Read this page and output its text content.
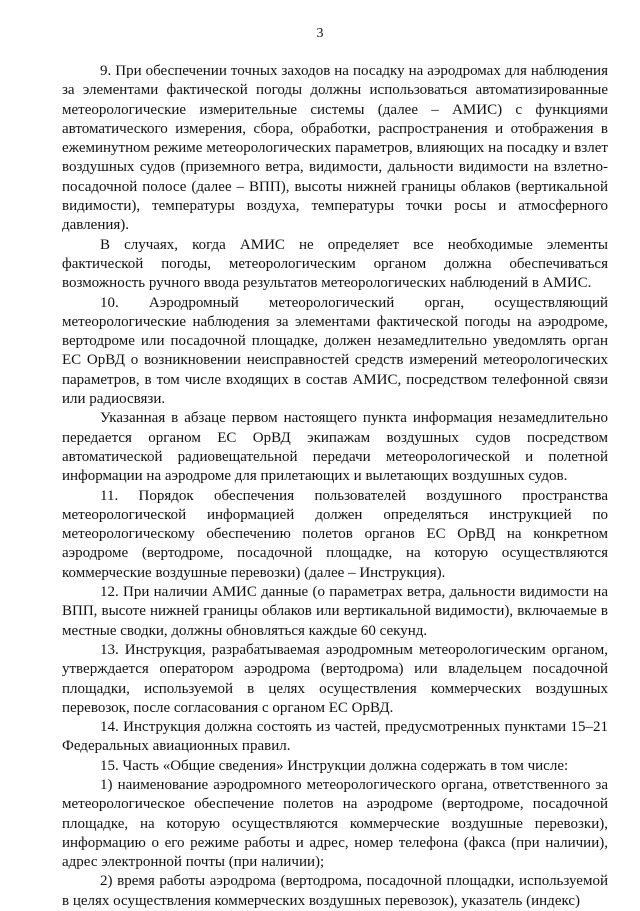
3

9. При обеспечении точных заходов на посадку на аэродромах для наблюдения за элементами фактической погоды должны использоваться автоматизированные метеорологические измерительные системы (далее – АМИС) с функциями автоматического измерения, сбора, обработки, распространения и отображения в ежеминутном режиме метеорологических параметров, влияющих на посадку и взлет воздушных судов (приземного ветра, видимости, дальности видимости на взлетно-посадочной полосе (далее – ВПП), высоты нижней границы облаков (вертикальной видимости), температуры воздуха, температуры точки росы и атмосферного давления).

В случаях, когда АМИС не определяет все необходимые элементы фактической погоды, метеорологическим органом должна обеспечиваться возможность ручного ввода результатов метеорологических наблюдений в АМИС.

10. Аэродромный метеорологический орган, осуществляющий метеорологические наблюдения за элементами фактической погоды на аэродроме, вертодроме или посадочной площадке, должен незамедлительно уведомлять орган ЕС ОрВД о возникновении неисправностей средств измерений метеорологических параметров, в том числе входящих в состав АМИС, посредством телефонной связи или радиосвязи.

Указанная в абзаце первом настоящего пункта информация незамедлительно передается органом ЕС ОрВД экипажам воздушных судов посредством автоматической радиовещательной передачи метеорологической и полетной информации на аэродроме для прилетающих и вылетающих воздушных судов.

11. Порядок обеспечения пользователей воздушного пространства метеорологической информацией должен определяться инструкцией по метеорологическому обеспечению полетов органов ЕС ОрВД на конкретном аэродроме (вертодроме, посадочной площадке, на которую осуществляются коммерческие воздушные перевозки) (далее – Инструкция).

12. При наличии АМИС данные (о параметрах ветра, дальности видимости на ВПП, высоте нижней границы облаков или вертикальной видимости), включаемые в местные сводки, должны обновляться каждые 60 секунд.

13. Инструкция, разрабатываемая аэродромным метеорологическим органом, утверждается оператором аэродрома (вертодрома) или владельцем посадочной площадки, используемой в целях осуществления коммерческих воздушных перевозок, после согласования с органом ЕС ОрВД.

14. Инструкция должна состоять из частей, предусмотренных пунктами 15–21 Федеральных авиационных правил.

15. Часть «Общие сведения» Инструкции должна содержать в том числе:

1) наименование аэродромного метеорологического органа, ответственного за метеорологическое обеспечение полетов на аэродроме (вертодроме, посадочной площадке, на которую осуществляются коммерческие воздушные перевозки), информацию о его режиме работы и адрес, номер телефона (факса (при наличии), адрес электронной почты (при наличии);

2) время работы аэродрома (вертодрома, посадочной площадки, используемой в целях осуществления коммерческих воздушных перевозок), указатель (индекс)
